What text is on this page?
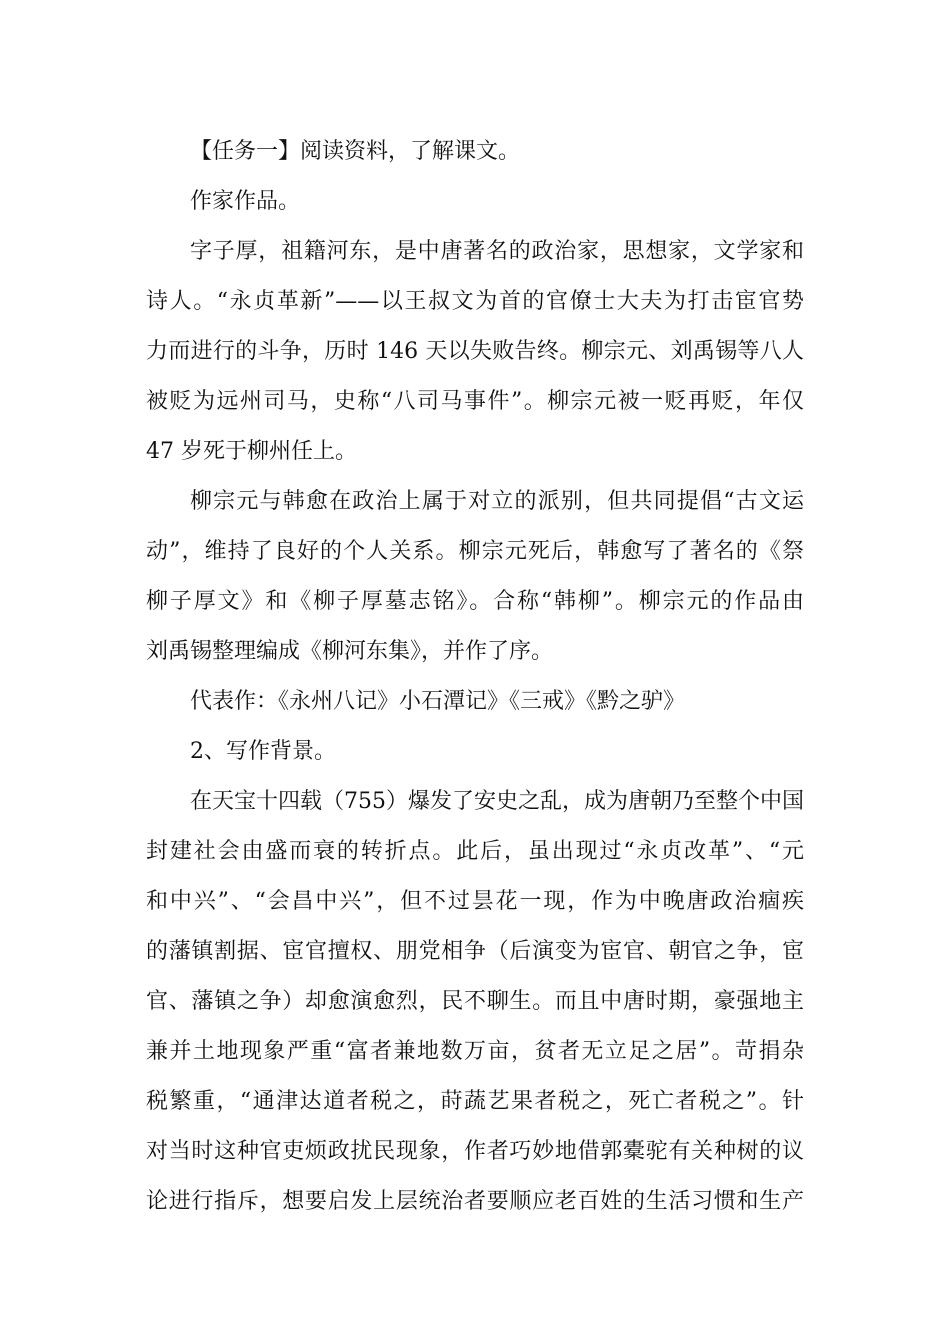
【任务一】阅读资料，了解课文。
作家作品。
字子厚，祖籍河东，是中唐著名的政治家，思想家，文学家和
诗人。“永贞革新”——以王叔文为首的官僚士大夫为打击宦官势
力而进行的斗争，历时 146 天以失败告终。柳宗元、刘禹锡等八人
被贬为远州司马，史称“八司马事件”。柳宗元被一贬再贬，年仅
47 岁死于柳州任上。
柳宗元与韩愈在政治上属于对立的派别，但共同提倡“古文运
动”，维持了良好的个人关系。柳宗元死后，韩愈写了著名的《祭
柳子厚文》和《柳子厚墓志铭》。合称“韩柳”。柳宗元的作品由
刘禹锡整理编成《柳河东集》，并作了序。
代表作：《永州八记》小石潭记》《三戒》《黔之驴》
2、写作背景。
在天宝十四载（755）爆发了安史之乱，成为唐朝乃至整个中国
封建社会由盛而衰的转折点。此后，虽出现过“永贞改革”、“元
和中兴”、“会昌中兴”，但不过昙花一现，作为中晚唐政治痼疾
的藩镇割据、宦官擅权、朋党相争（后演变为宦官、朝官之争，宦
官、藩镇之争）却愈演愈烈，民不聊生。而且中唐时期，豪强地主
兼并土地现象严重“富者兼地数万亩，贫者无立足之居”。苛捐杂
税繁重，“通津达道者税之，莳蔬艺果者税之，死亡者税之”。针
对当时这种官吏烦政扰民现象，作者巧妙地借郭橐驼有关种树的议
论进行指斥，想要启发上层统治者要顺应老百姓的生活习惯和生产
